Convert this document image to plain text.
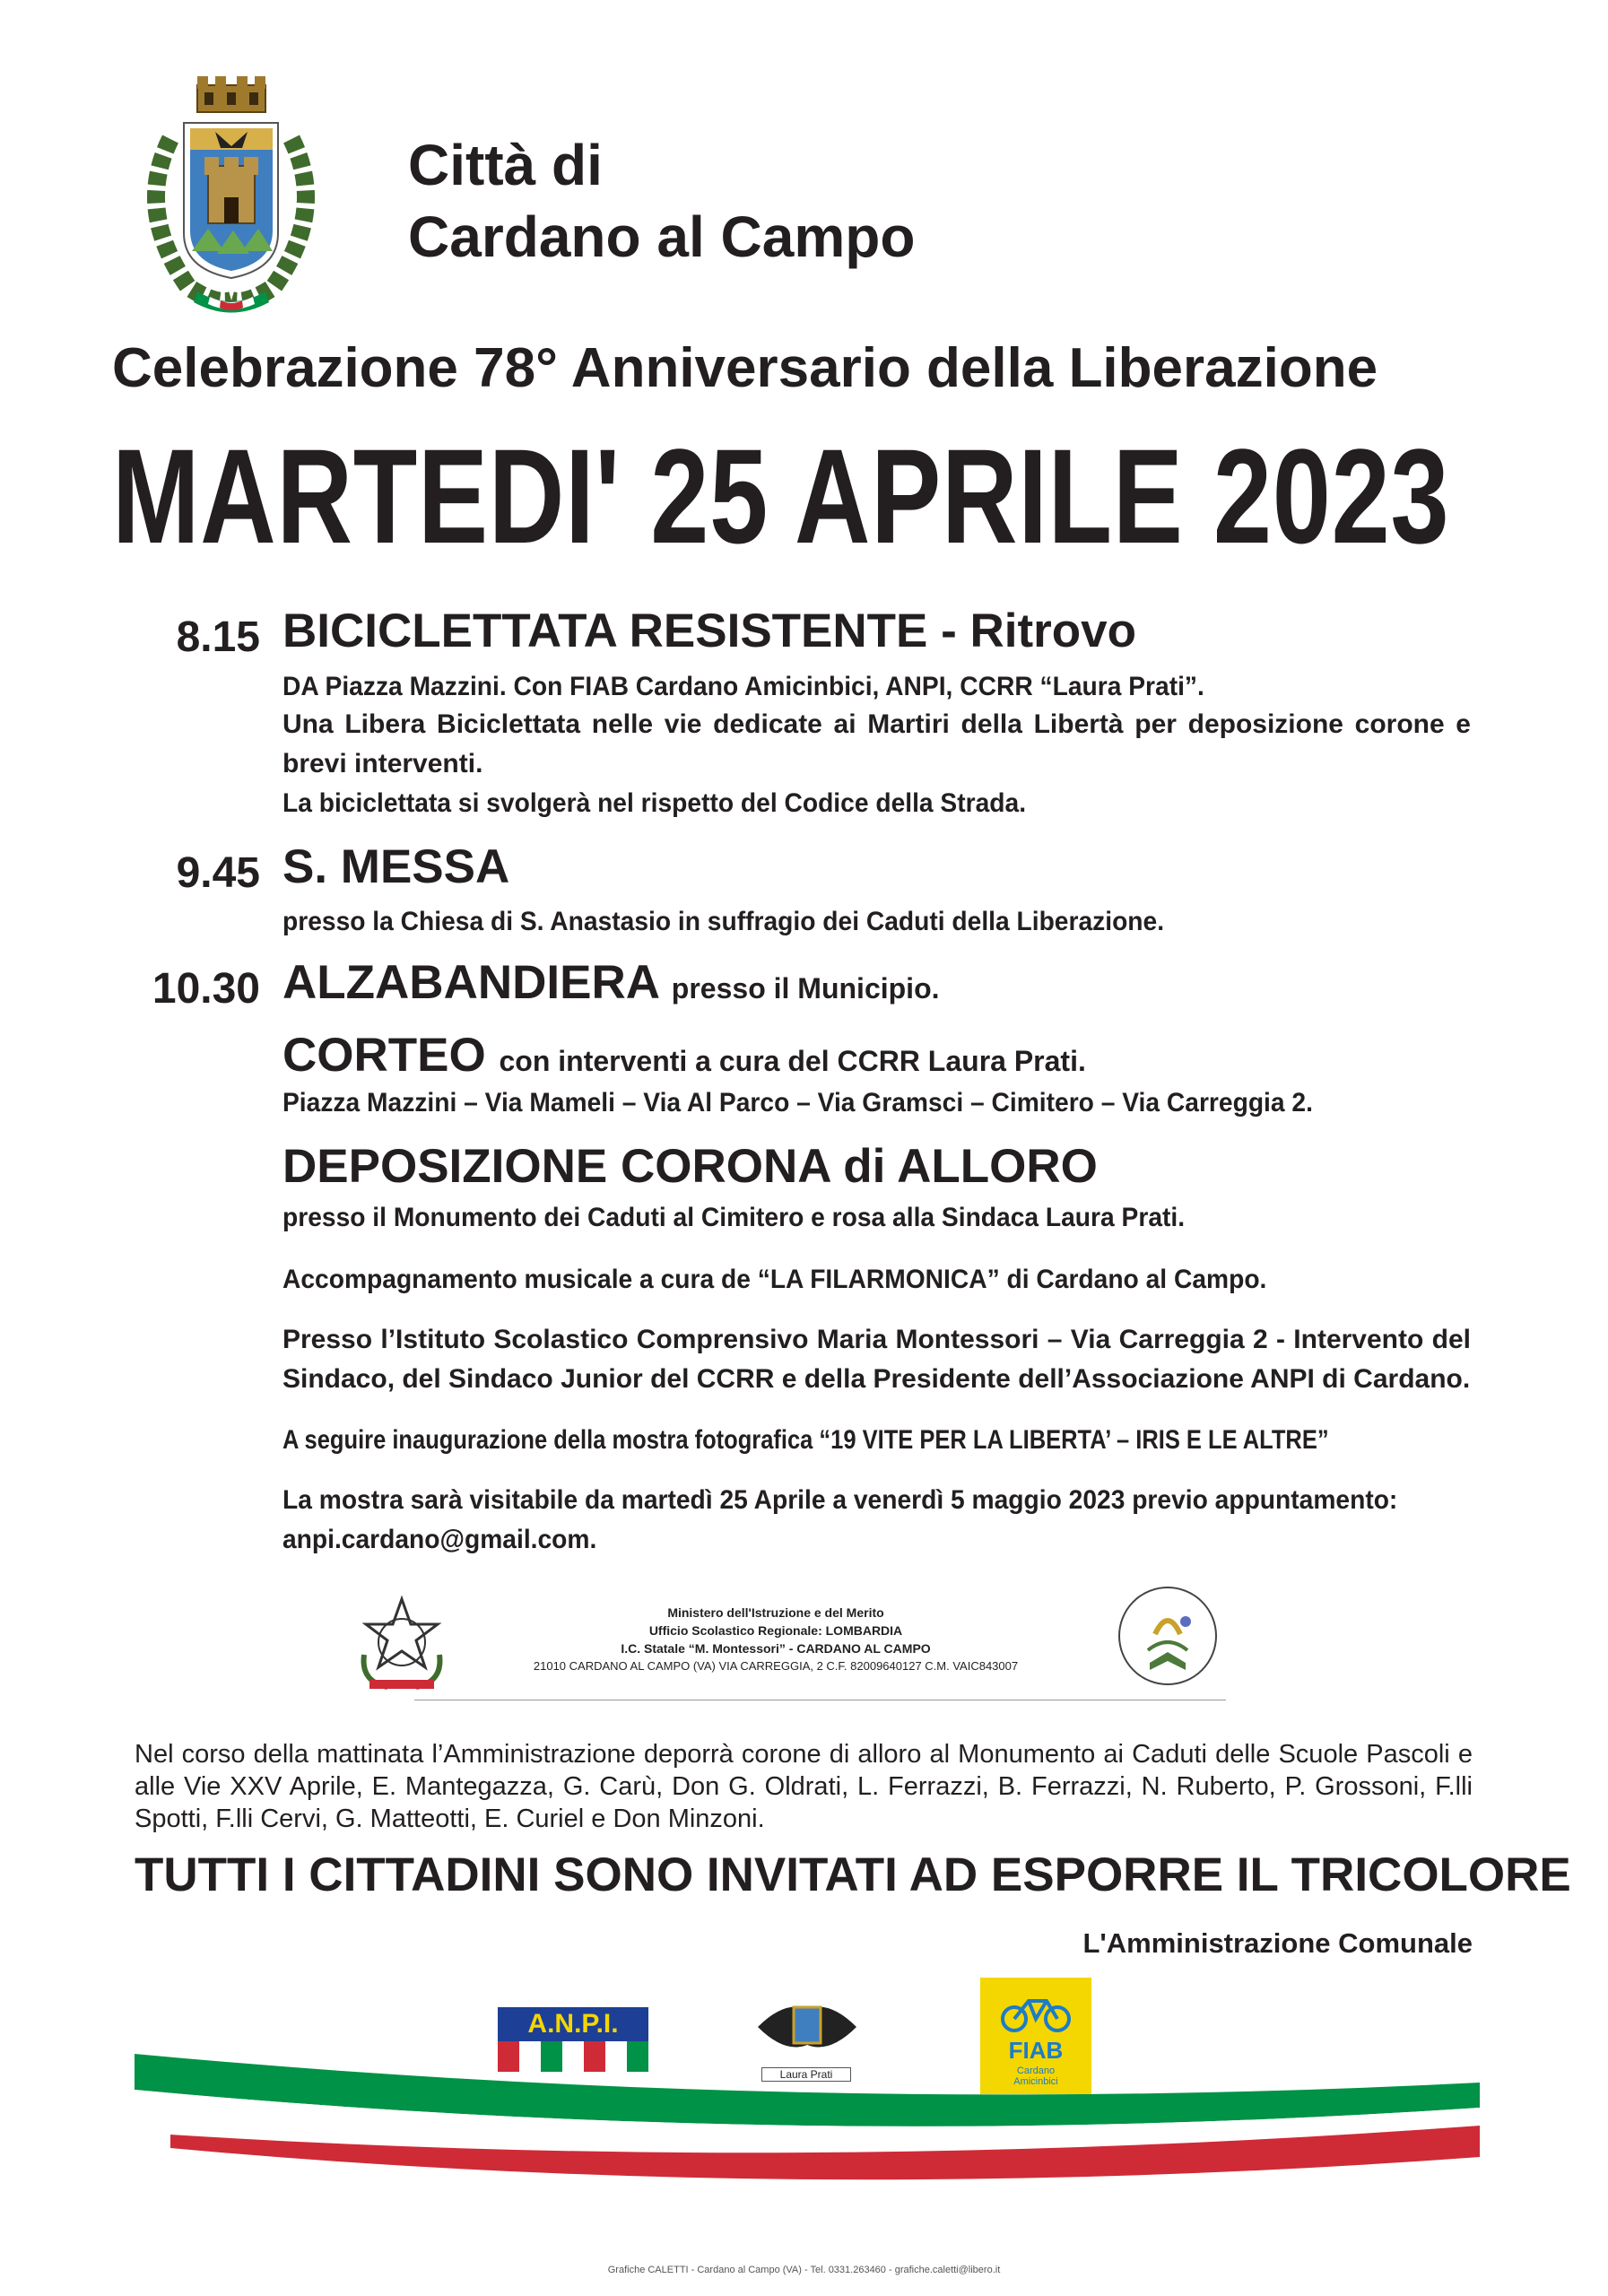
Città di
Cardano al Campo
Celebrazione 78° Anniversario della Liberazione
MARTEDI' 25 APRILE 2023
8.15 BICICLETTATA RESISTENTE - Ritrovo
DA Piazza Mazzini. Con FIAB Cardano Amicinbici, ANPI, CCRR “Laura Prati”.
Una Libera Biciclettata nelle vie dedicate ai Martiri della Libertà per deposizione corone e brevi interventi.
La biciclettata si svolgerà nel rispetto del Codice della Strada.
9.45 S. MESSA
presso la Chiesa di S. Anastasio in suffragio dei Caduti della Liberazione.
10.30 ALZABANDIERA presso il Municipio.
CORTEO con interventi a cura del CCRR Laura Prati.
Piazza Mazzini – Via Mameli – Via Al Parco – Via Gramsci – Cimitero – Via Carreggia 2.
DEPOSIZIONE CORONA di ALLORO
presso il Monumento dei Caduti al Cimitero e rosa alla Sindaca Laura Prati.
Accompagnamento musicale a cura de “LA FILARMONICA” di Cardano al Campo.
Presso l’Istituto Scolastico Comprensivo Maria Montessori – Via Carreggia 2 - Intervento del Sindaco, del Sindaco Junior del CCRR e della Presidente dell’Associazione ANPI di Cardano.
A seguire inaugurazione della mostra fotografica “19 VITE PER LA LIBERTA’ – IRIS E LE ALTRE”
La mostra sarà visitabile da martedì 25 Aprile a venerdì 5 maggio 2023 previo appuntamento:
anpi.cardano@gmail.com.
Ministero dell'Istruzione e del Merito
Ufficio Scolastico Regionale: LOMBARDIA
I.C. Statale “M. Montessori” - CARDANO AL CAMPO
21010 CARDANO AL CAMPO (VA) VIA CARREGGIA, 2 C.F. 82009640127 C.M. VAIC843007
Nel corso della mattinata l’Amministrazione deporrà corone di alloro al Monumento ai Caduti delle Scuole Pascoli e alle Vie XXV Aprile, E. Mantegazza, G. Carù, Don G. Oldrati, L. Ferrazzi, B. Ferrazzi, N. Ruberto, P. Grossoni, F.lli Spotti, F.lli Cervi, G. Matteotti, E. Curiel e Don Minzoni.
TUTTI I CITTADINI SONO INVITATI AD ESPORRE IL TRICOLORE
L'Amministrazione Comunale
A.N.P.I.
Laura Prati
FIAB
Cardano
Amicinbici
Grafiche CALETTI - Cardano al Campo (VA) - Tel. 0331.263460 - grafiche.caletti@libero.it
